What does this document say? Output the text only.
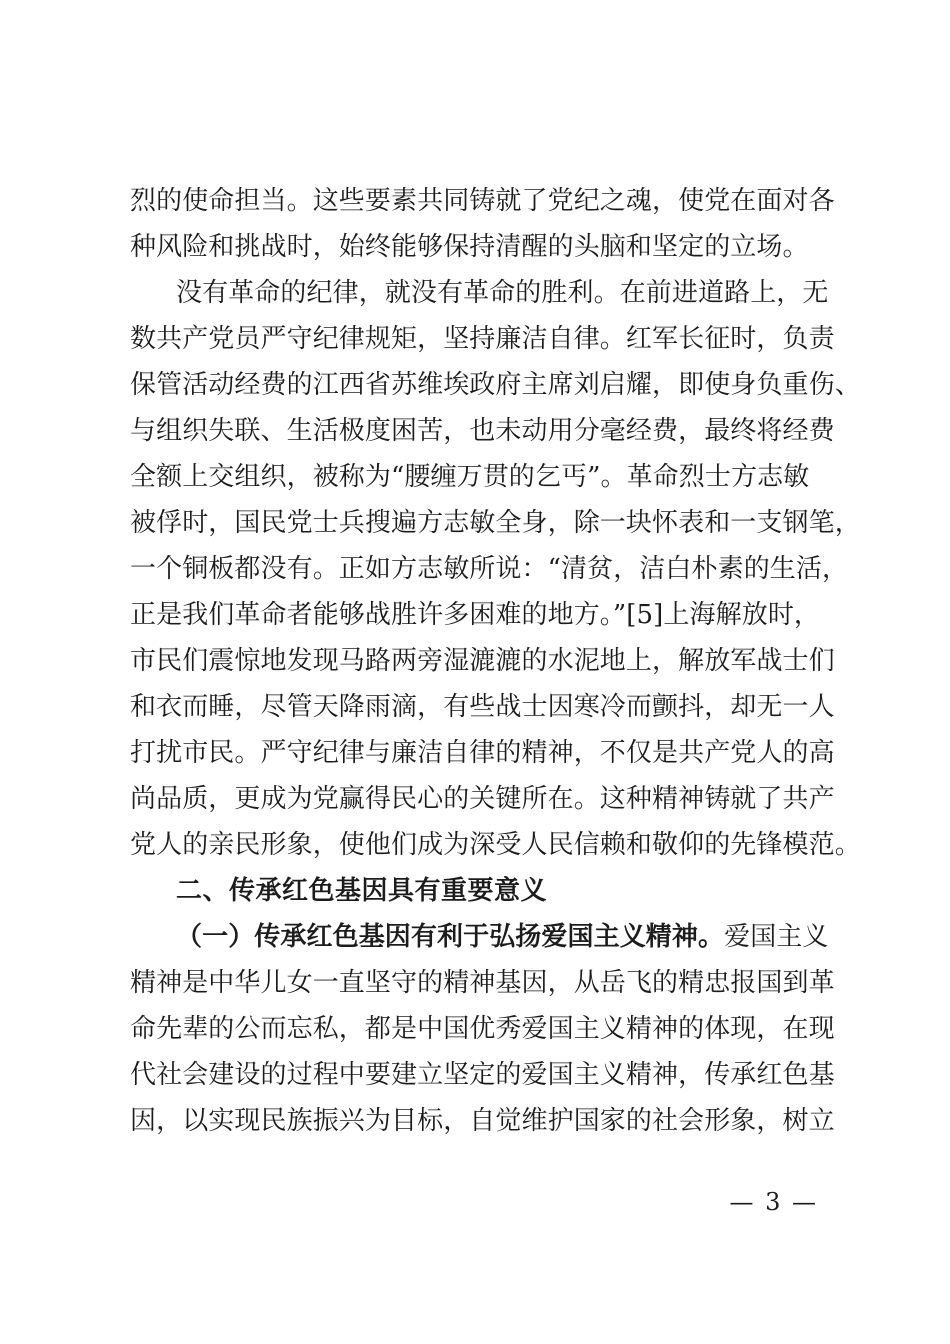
烈的使命担当。这些要素共同铸就了党纪之魂，使党在面对各
种风险和挑战时，始终能够保持清醒的头脑和坚定的立场。
没有革命的纪律，就没有革命的胜利。在前进道路上，无
数共产党员严守纪律规矩，坚持廉洁自律。红军长征时，负责
保管活动经费的江西省苏维埃政府主席刘启耀，即使身负重伤、
与组织失联、生活极度困苦，也未动用分毫经费，最终将经费
全额上交组织，被称为“腰缠万贯的乞丐”。革命烈士方志敏
被俘时，国民党士兵搜遍方志敏全身，除一块怀表和一支钢笔，
一个铜板都没有。正如方志敏所说：“清贫，洁白朴素的生活，
正是我们革命者能够战胜许多困难的地方。”[5]上海解放时，
市民们震惊地发现马路两旁湿漉漉的水泥地上，解放军战士们
和衣而睡，尽管天降雨滴，有些战士因寒冷而颤抖，却无一人
打扰市民。严守纪律与廉洁自律的精神，不仅是共产党人的高
尚品质，更成为党赢得民心的关键所在。这种精神铸就了共产
党人的亲民形象，使他们成为深受人民信赖和敬仰的先锋模范。
二、传承红色基因具有重要意义
（一）传承红色基因有利于弘扬爱国主义精神。爱国主义
精神是中华儿女一直坚守的精神基因，从岳飞的精忠报国到革
命先辈的公而忘私，都是中国优秀爱国主义精神的体现，在现
代社会建设的过程中要建立坚定的爱国主义精神，传承红色基
因，以实现民族振兴为目标，自觉维护国家的社会形象，树立
— 3 —
